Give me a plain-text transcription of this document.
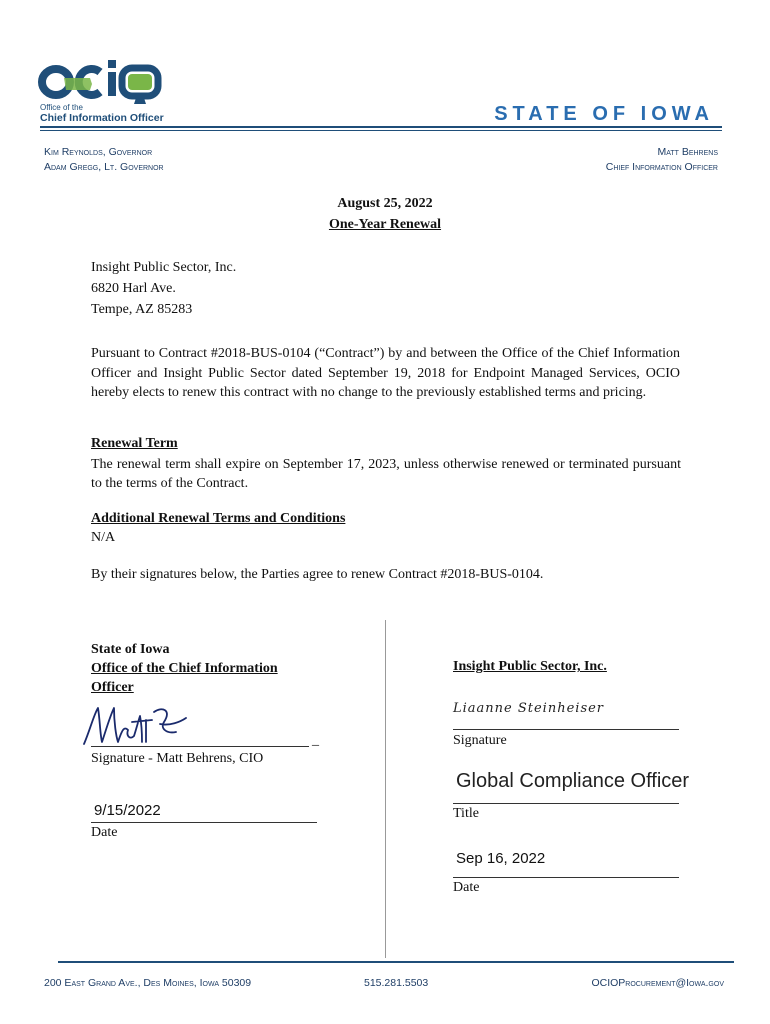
Office of the
Chief Information Officer	STATE OF IOWA
Kim Reynolds, Governor
Adam Gregg, Lt. Governor
Matt Behrens
Chief Information Officer
August 25, 2022
One-Year Renewal
Insight Public Sector, Inc.
6820 Harl Ave.
Tempe, AZ 85283
Pursuant to Contract #2018-BUS-0104 (“Contract”) by and between the Office of the Chief Information Officer and Insight Public Sector dated September 19, 2018 for Endpoint Managed Services, OCIO hereby elects to renew this contract with no change to the previously established terms and pricing.
Renewal Term
The renewal term shall expire on September 17, 2023, unless otherwise renewed or terminated pursuant to the terms of the Contract.
Additional Renewal Terms and Conditions
N/A
By their signatures below, the Parties agree to renew Contract #2018-BUS-0104.
State of Iowa
Office of the Chief Information
Officer
_
Signature - Matt Behrens, CIO
9/15/2022
Date
Insight Public Sector, Inc.
Liaanne Steinheiser
Signature
Global Compliance Officer
Title
Sep 16, 2022
Date
200 East Grand Ave., Des Moines, Iowa 50309	515.281.5503	OCIOProcurement@Iowa.gov
